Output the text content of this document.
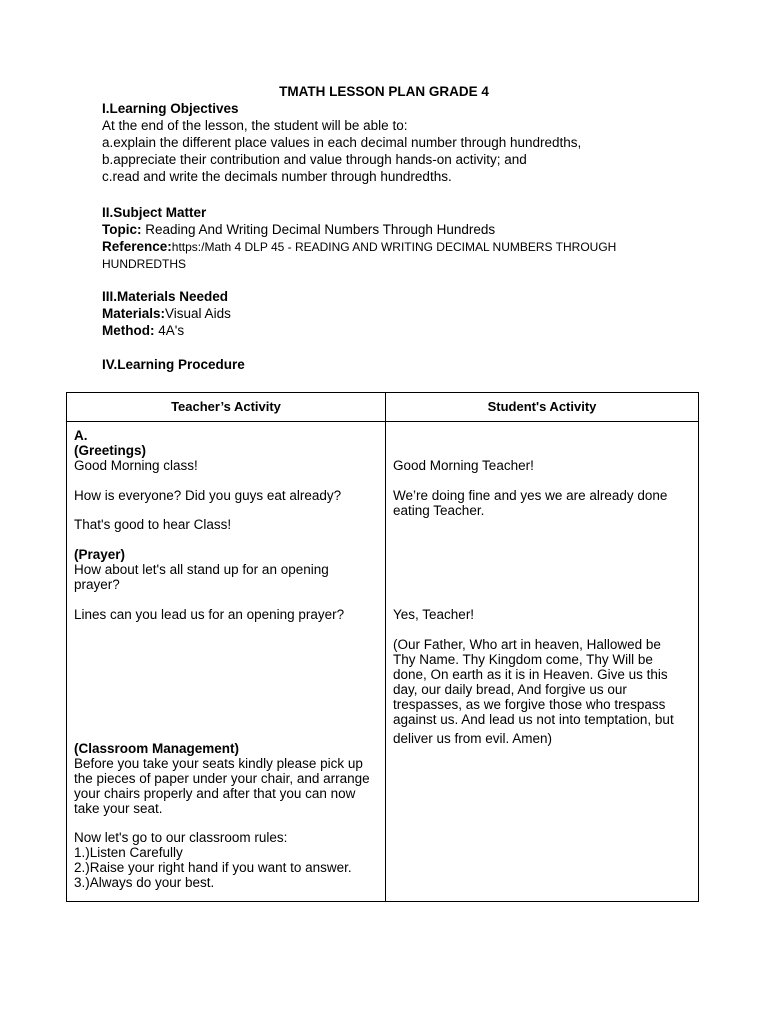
TMATH LESSON PLAN GRADE 4
I.Learning Objectives
At the end of the lesson, the student will be able to:
a.explain the different place values in each decimal number through hundredths,
b.appreciate their contribution and value through hands-on activity; and
c.read and write the decimals number through hundredths.
II.Subject Matter
Topic: Reading And Writing Decimal Numbers Through Hundreds
Reference:https:/Math 4 DLP 45 - READING AND WRITING DECIMAL NUMBERS THROUGH
HUNDREDTHS
III.Materials Needed
Materials:Visual Aids
Method: 4A's
IV.Learning Procedure
Teacher’s Activity	Student's Activity
A.
(Greetings)
Good Morning class!
How is everyone? Did you guys eat already?
That's good to hear Class!
(Prayer)
How about let's all stand up for an opening
prayer?
Lines can you lead us for an opening prayer?
(Classroom Management)
Before you take your seats kindly please pick up
the pieces of paper under your chair, and arrange
your chairs properly and after that you can now
take your seat.
Now let's go to our classroom rules:
1.)Listen Carefully
2.)Raise your right hand if you want to answer.
3.)Always do your best.
Good Morning Teacher!
We’re doing fine and yes we are already done
eating Teacher.
Yes, Teacher!
(Our Father, Who art in heaven, Hallowed be
Thy Name. Thy Kingdom come, Thy Will be
done, On earth as it is in Heaven. Give us this
day, our daily bread, And forgive us our
trespasses, as we forgive those who trespass
against us. And lead us not into temptation, but
deliver us from evil. Amen)
